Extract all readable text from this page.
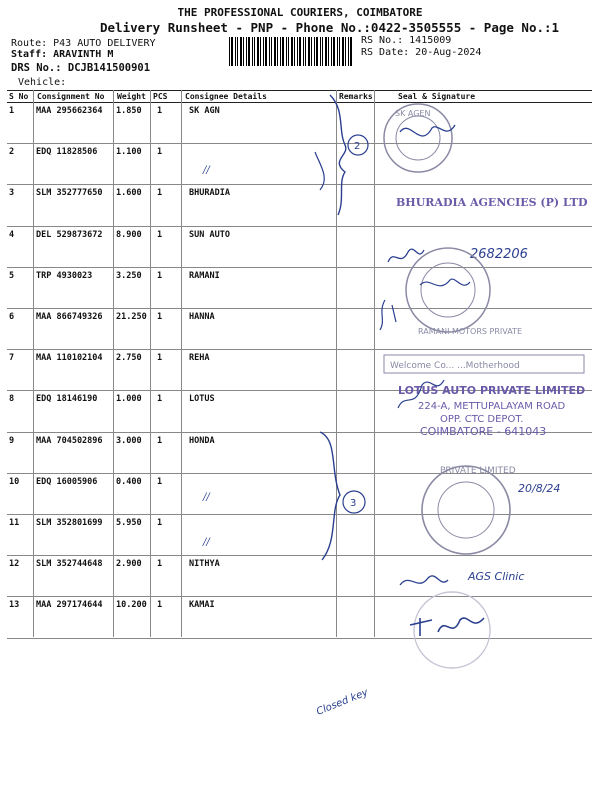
THE PROFESSIONAL COURIERS, COIMBATORE
Delivery Runsheet - PNP - Phone No.:0422-3505555 - Page No.:1
Route: P43 AUTO DELIVERY
Staff: ARAVINTH M
DRS No.: DCJB141500901
Vehicle:
RS No.: 1415009
RS Date: 20-Aug-2024
S No Consignment No Weight PCS Consignee Details	Remarks	Seal & Signature
1	MAA 295662364 1.850 1	SK AGN
2	EDQ 11828506 1.100 1
3	SLM 352777650 1.600 1	BHURADIA
4	DEL 529873672 8.900 1	SUN AUTO
5	TRP 4930023	3.250 1	RAMANI
6	MAA 866749326 21.250 1	HANNA
7	MAA 110102104 2.750 1	REHA
8	EDQ 18146190 1.000 1	LOTUS
9	MAA 704502896 3.000 1	HONDA
10 EDQ 16005906 0.400 1
11 SLM 352801699 5.950 1
12 SLM 352744648 2.900 1	NITHYA
13 MAA 297174644 10.200 1	KAMAI
2
3
//
//
//
SK AGEN
BHURADIA AGENCIES (P) LTD
2682206
RAMANI MOTORS PRIVATE
Welcome Co... ...Motherhood
LOTUS AUTO PRIVATE LIMITED
224-A, METTUPALAYAM ROAD
OPP. CTC DEPOT.
COIMBATORE - 641043
PRIVATE LIMITED
20/8/24
AGS Clinic
Closed key
